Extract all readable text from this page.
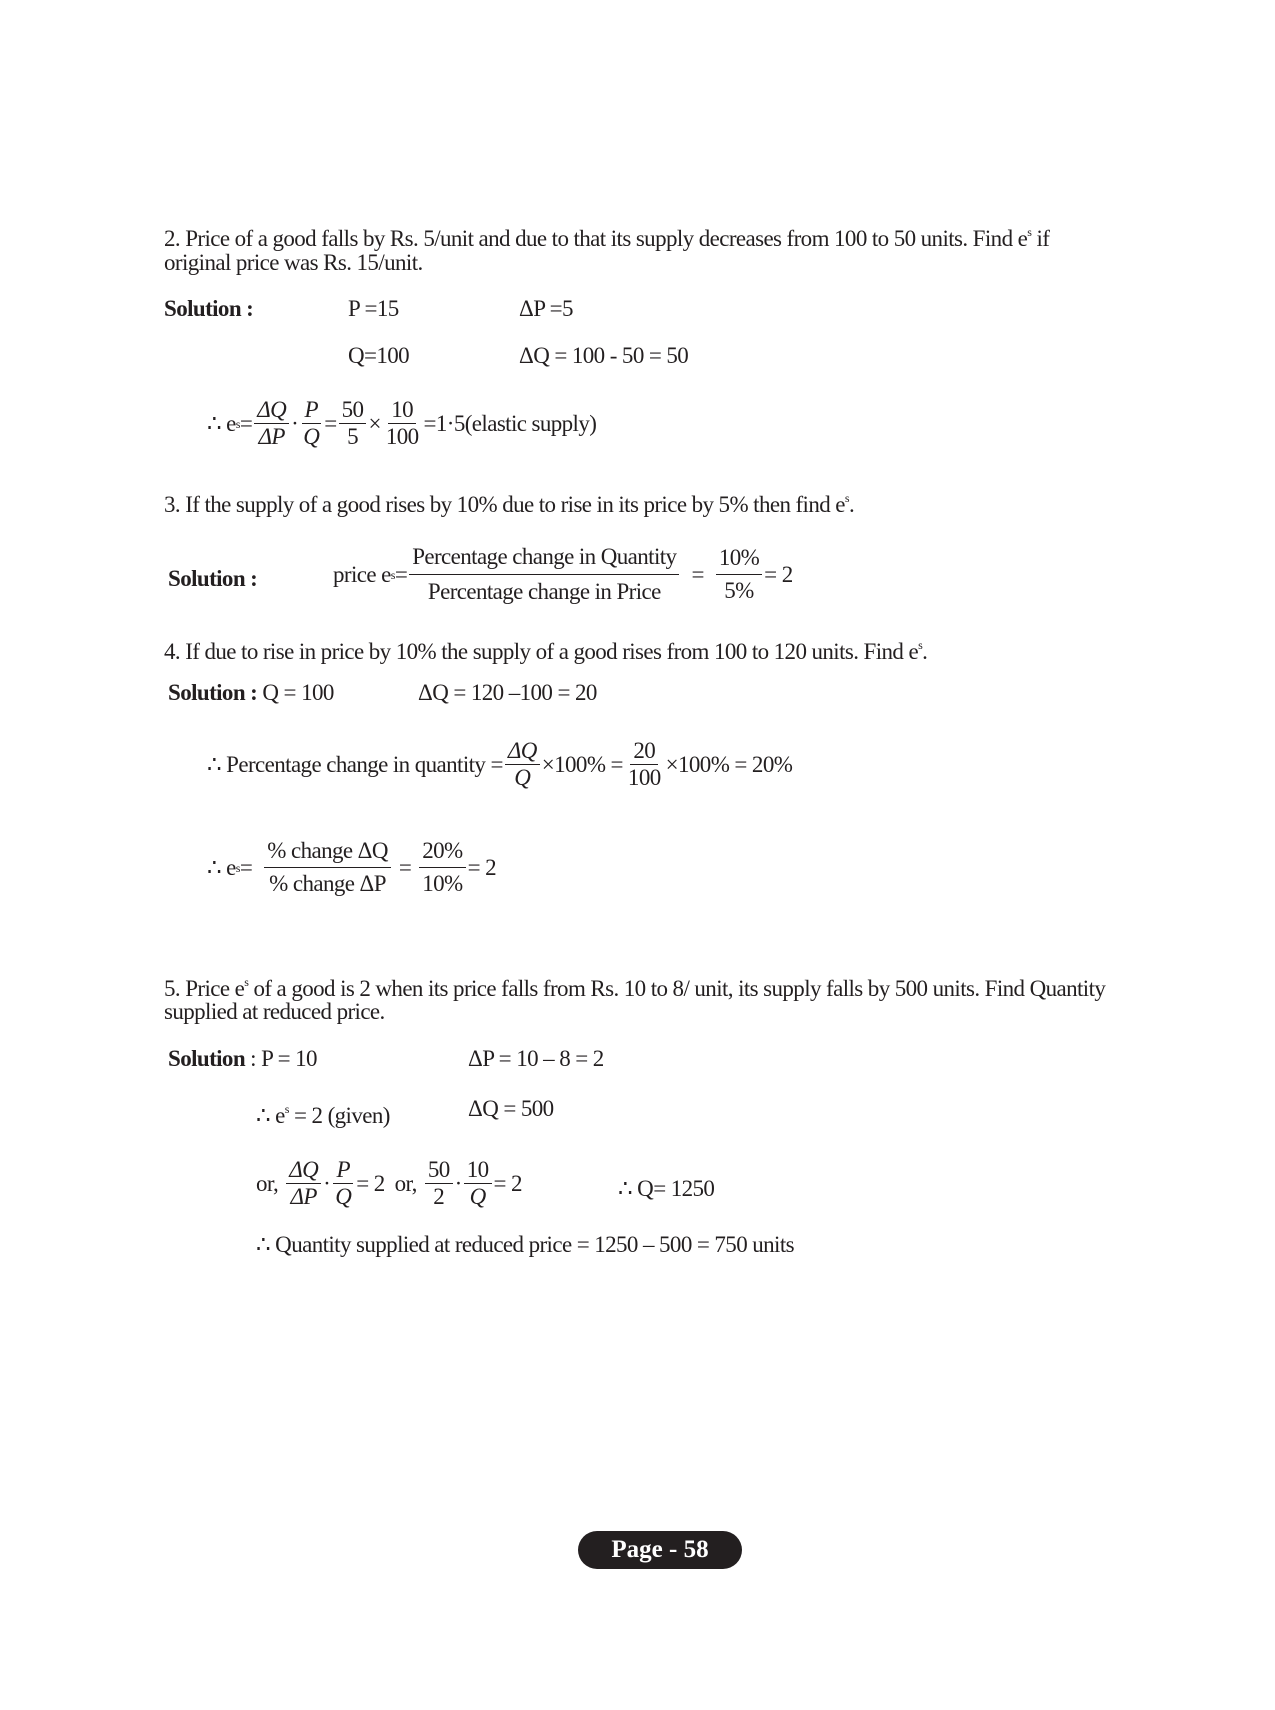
2. Price of a good falls by Rs. 5/unit and due to that its supply decreases from 100 to 50 units. Find $e^s$ if
original price was Rs. 15/unit.
Solution :	P =15	ΔP =5
Q=100	ΔQ = 100 - 50 = 50
∴ e $s = \frac{\Delta Q}{\Delta P} \cdot \frac{P}{Q} = \frac{50}{5} \times \frac{10}{100} =1\cdot 5$ (elastic supply)
3. If the supply of a good rises by 10% due to rise in its price by 5% then find $e^s$.
Solution :	price e $s = \frac{\text{Percentage change in Quantity}}{\text{Percentage change in Price}} = \frac{10\%}{5\%} = 2$
4. If due to rise in price by 10% the supply of a good rises from 100 to 120 units. Find $e^s$.
Solution : Q = 100	ΔQ = 120 –100 = 20
∴ Percentage change in quantity = $\frac{\Delta Q}{Q} \times 100\% = \frac{20}{100} \times 100\% = 20\%$
∴ e $s = \frac{\text{\% change ΔQ}}{\text{\% change ΔP}} = \frac{20\%}{10\%} = 2$
5. Price $e^s$ of a good is 2 when its price falls from Rs. 10 to 8/ unit, its supply falls by 500 units. Find Quantity
supplied at reduced price.
Solution : P = 10	ΔP = 10 – 8 = 2
∴ $e^s = 2$ (given)	ΔQ = 500
or, $\frac{\Delta Q}{\Delta P} \cdot \frac{P}{Q} = 2$ or, $\frac{50}{2} \cdot \frac{10}{Q} = 2$	∴ Q= 1250
∴ Quantity supplied at reduced price = 1250 – 500 = 750 units
Page - 58
